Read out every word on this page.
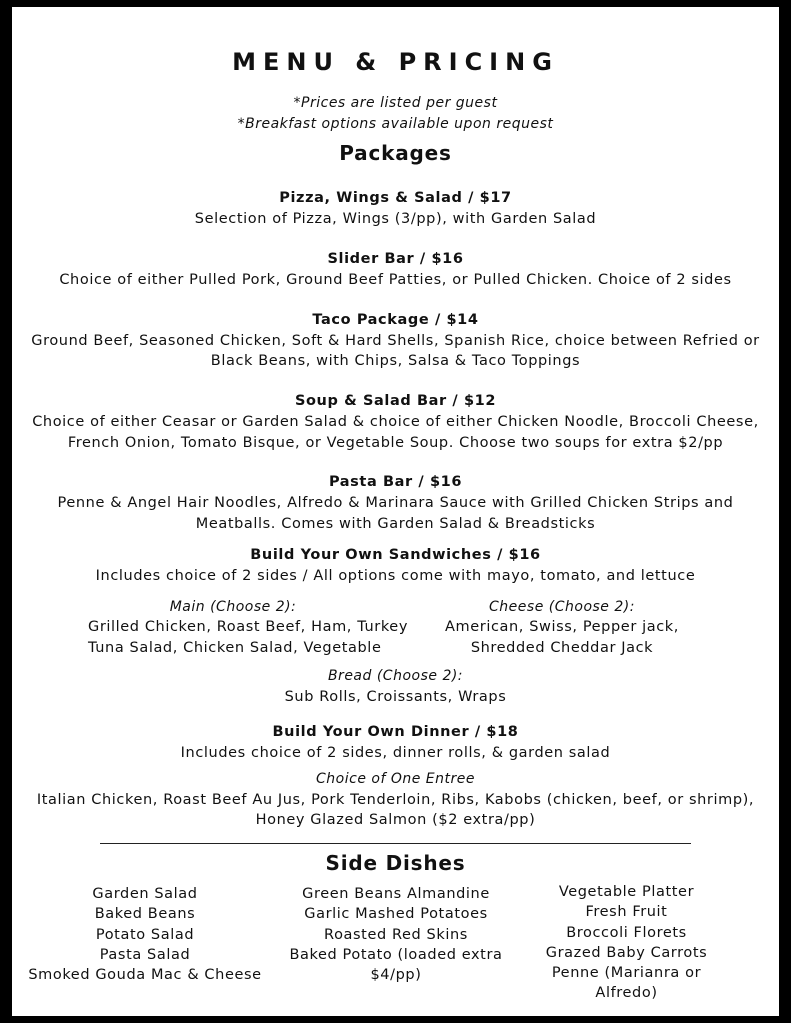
MENU & PRICING
*Prices are listed per guest
*Breakfast options available upon request
Packages
Pizza, Wings & Salad / $17
Selection of Pizza, Wings (3/pp), with Garden Salad
Slider Bar / $16
Choice of either Pulled Pork, Ground Beef Patties, or Pulled Chicken. Choice of 2 sides
Taco Package / $14
Ground Beef, Seasoned Chicken, Soft & Hard Shells, Spanish Rice, choice between Refried or
Black Beans, with Chips, Salsa & Taco Toppings
Soup & Salad Bar / $12
Choice of either Ceasar or Garden Salad & choice of either Chicken Noodle, Broccoli Cheese,
French Onion, Tomato Bisque, or Vegetable Soup. Choose two soups for extra $2/pp
Pasta Bar / $16
Penne & Angel Hair Noodles, Alfredo & Marinara Sauce with Grilled Chicken Strips and
Meatballs. Comes with Garden Salad & Breadsticks
Build Your Own Sandwiches / $16
Includes choice of 2 sides / All options come with mayo, tomato, and lettuce
Main (Choose 2):
Grilled Chicken, Roast Beef, Ham, Turkey
Tuna Salad, Chicken Salad, Vegetable
Cheese (Choose 2):
American, Swiss, Pepper jack,
Shredded Cheddar Jack
Bread (Choose 2):
Sub Rolls, Croissants, Wraps
Build Your Own Dinner / $18
Includes choice of 2 sides, dinner rolls, & garden salad
Choice of One Entree
Italian Chicken, Roast Beef Au Jus, Pork Tenderloin, Ribs, Kabobs (chicken, beef, or shrimp),
Honey Glazed Salmon ($2 extra/pp)
Side Dishes
Garden Salad
Baked Beans
Potato Salad
Pasta Salad
Smoked Gouda Mac & Cheese
Green Beans Almandine
Garlic Mashed Potatoes
Roasted Red Skins
Baked Potato (loaded extra
$4/pp)
Vegetable Platter
Fresh Fruit
Broccoli Florets
Grazed Baby Carrots
Penne (Marianra or
Alfredo)
